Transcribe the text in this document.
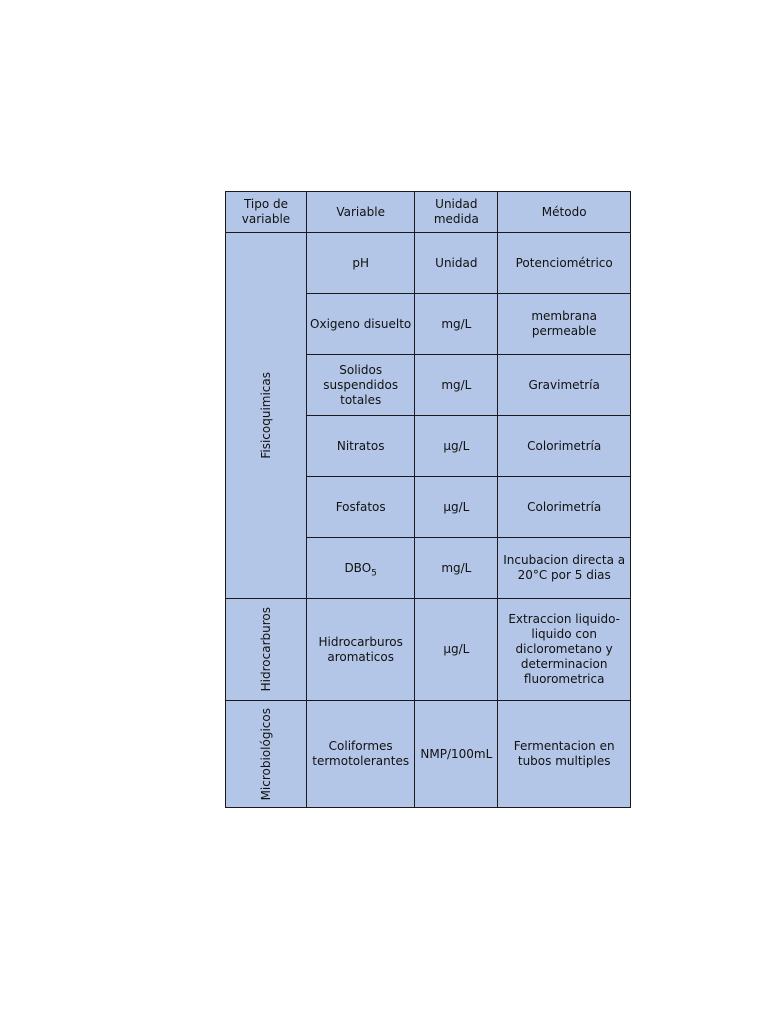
Tipo de variable	Variable	Unidad medida	Método

Fisicoquimicas	pH	Unidad	Potenciométrico
	Oxigeno disuelto	mg/L	membrana permeable
	Solidos suspendidos totales	mg/L	Gravimetría
	Nitratos	µg/L	Colorimetría
	Fosfatos	µg/L	Colorimetría
	$DBO_5$	mg/L	Incubacion directa a 20°C por 5 dias

Hidrocarburos	Hidrocarburos aromaticos	µg/L	Extraccion liquido-liquido con diclorometano y determinacion fluorometrica

Microbiológicos	Coliformes termotolerantes	NMP/100mL	Fermentacion en tubos multiples
